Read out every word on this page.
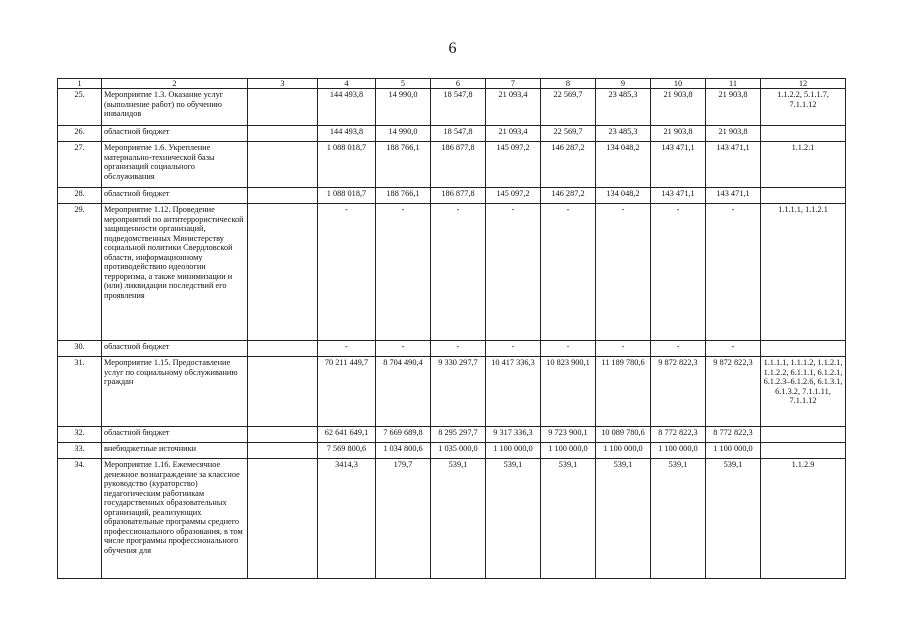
6
1	2	3	4	5	6	7	8	9	10	11	12
25.	Мероприятие 1.3. Оказание услуг (выполнение работ) по обучению инвалидов		144 493,8	14 990,0	18 547,8	21 093,4	22 569,7	23 485,3	21 903,8	21 903,8	1.1.2.2, 5.1.1.7, 7.1.1.12
26.	областной бюджет		144 493,8	14 990,0	18 547,8	21 093,4	22 569,7	23 485,3	21 903,8	21 903,8	
27.	Мероприятие 1.6. Укрепление материально-технической базы организаций социального обслуживания		1 088 018,7	188 766,1	186 877,8	145 097,2	146 287,2	134 048,2	143 471,1	143 471,1	1.1.2.1
28.	областной бюджет		1 088 018,7	188 766,1	186 877,8	145 097,2	146 287,2	134 048,2	143 471,1	143 471,1	
29.	Мероприятие 1.12. Проведение мероприятий по антитеррористической защищенности организаций, подведомственных Министерству социальной политики Свердловской области, информационному противодействию идеологии терроризма, а также минимизации и (или) ликвидации последствий его проявления		-	-	-	-	-	-	-	-	1.1.1.1, 1.1.2.1
30.	областной бюджет		-	-	-	-	-	-	-	-	
31.	Мероприятие 1.15. Предоставление услуг по социальному обслуживанию граждан		70 211 449,7	8 704 490,4	9 330 297,7	10 417 336,3	10 823 900,1	11 189 780,6	9 872 822,3	9 872 822,3	1.1.1.1, 1.1.1.2, 1.1.2.1, 1.1.2.2, 6.1.1.1, 6.1.2.1, 6.1.2.3–6.1.2.6, 6.1.3.1, 6.1.3.2, 7.1.1.11, 7.1.1.12
32.	областной бюджет		62 641 649,1	7 669 689,8	8 295 297,7	9 317 336,3	9 723 900,1	10 089 780,6	8 772 822,3	8 772 822,3	
33.	внебюджетные источники		7 569 800,6	1 034 800,6	1 035 000,0	1 100 000,0	1 100 000,0	1 100 000,0	1 100 000,0	1 100 000,0	
34.	Мероприятие 1.16. Ежемесячное денежное вознаграждение за классное руководство (кураторство) педагогическим работникам государственных образовательных организаций, реализующих образовательные программы среднего профессионального образования, в том числе программы профессионального обучения для		3414,3	179,7	539,1	539,1	539,1	539,1	539,1	539,1	1.1.2.9
